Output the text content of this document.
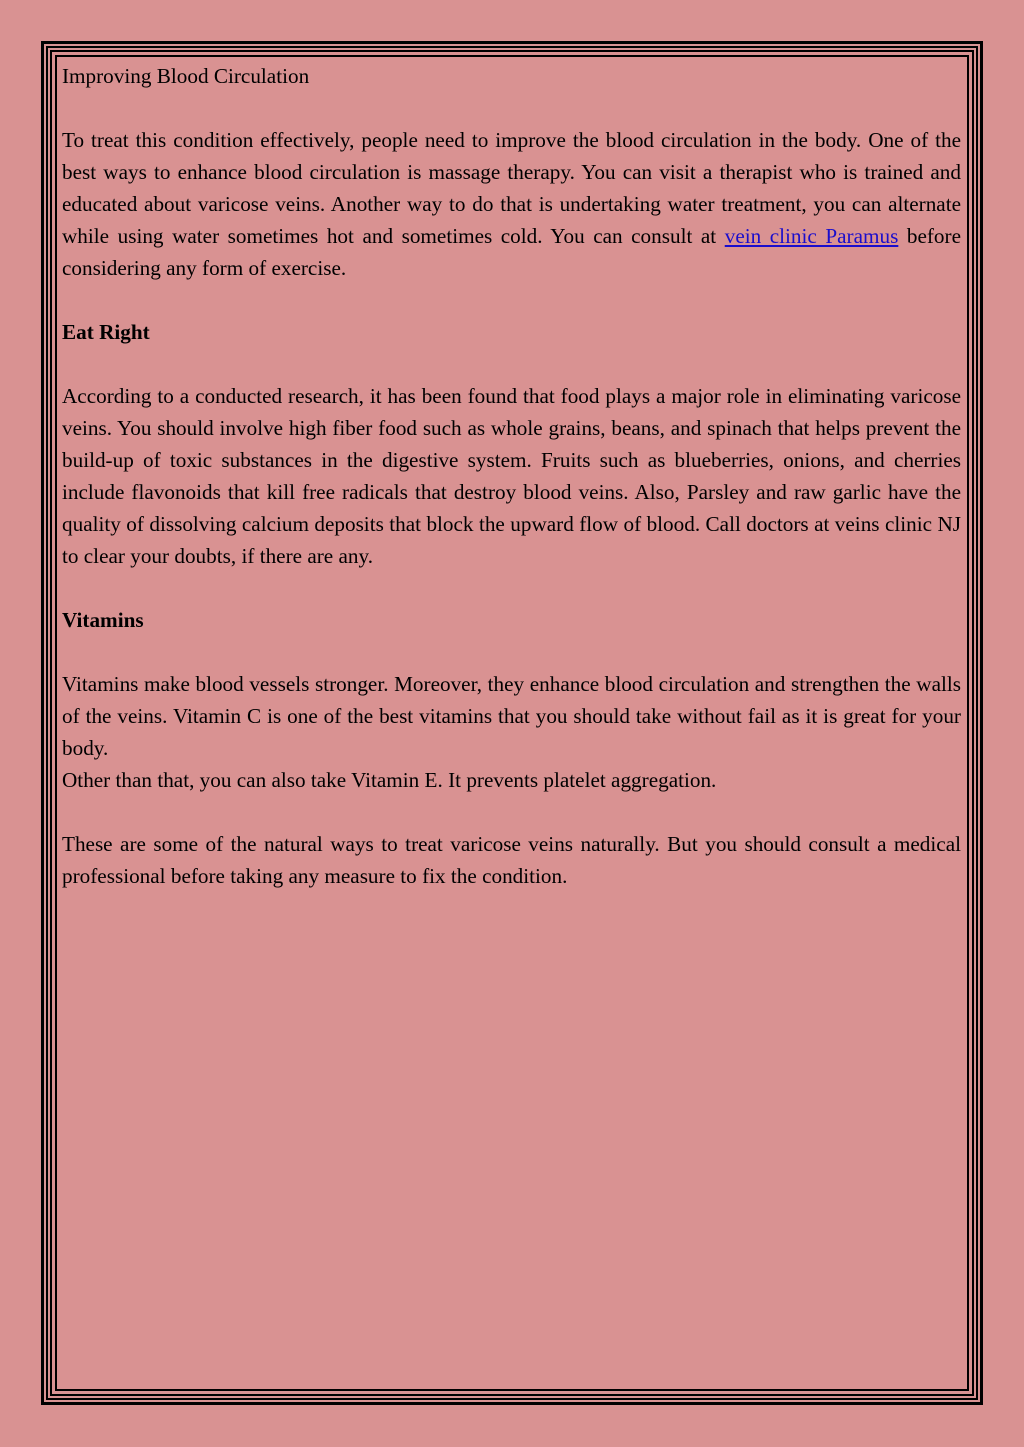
Improving Blood Circulation

To treat this condition effectively, people need to improve the blood circulation in the body. One of the best ways to enhance blood circulation is massage therapy. You can visit a therapist who is trained and educated about varicose veins. Another way to do that is undertaking water treatment, you can alternate while using water sometimes hot and sometimes cold. You can consult at vein clinic Paramus before considering any form of exercise.

Eat Right

According to a conducted research, it has been found that food plays a major role in eliminating varicose veins. You should involve high fiber food such as whole grains, beans, and spinach that helps prevent the build-up of toxic substances in the digestive system. Fruits such as blueberries, onions, and cherries include flavonoids that kill free radicals that destroy blood veins. Also, Parsley and raw garlic have the quality of dissolving calcium deposits that block the upward flow of blood. Call doctors at veins clinic NJ to clear your doubts, if there are any.

Vitamins

Vitamins make blood vessels stronger. Moreover, they enhance blood circulation and strengthen the walls of the veins. Vitamin C is one of the best vitamins that you should take without fail as it is great for your body.

Other than that, you can also take Vitamin E. It prevents platelet aggregation.

These are some of the natural ways to treat varicose veins naturally. But you should consult a medical professional before taking any measure to fix the condition.
